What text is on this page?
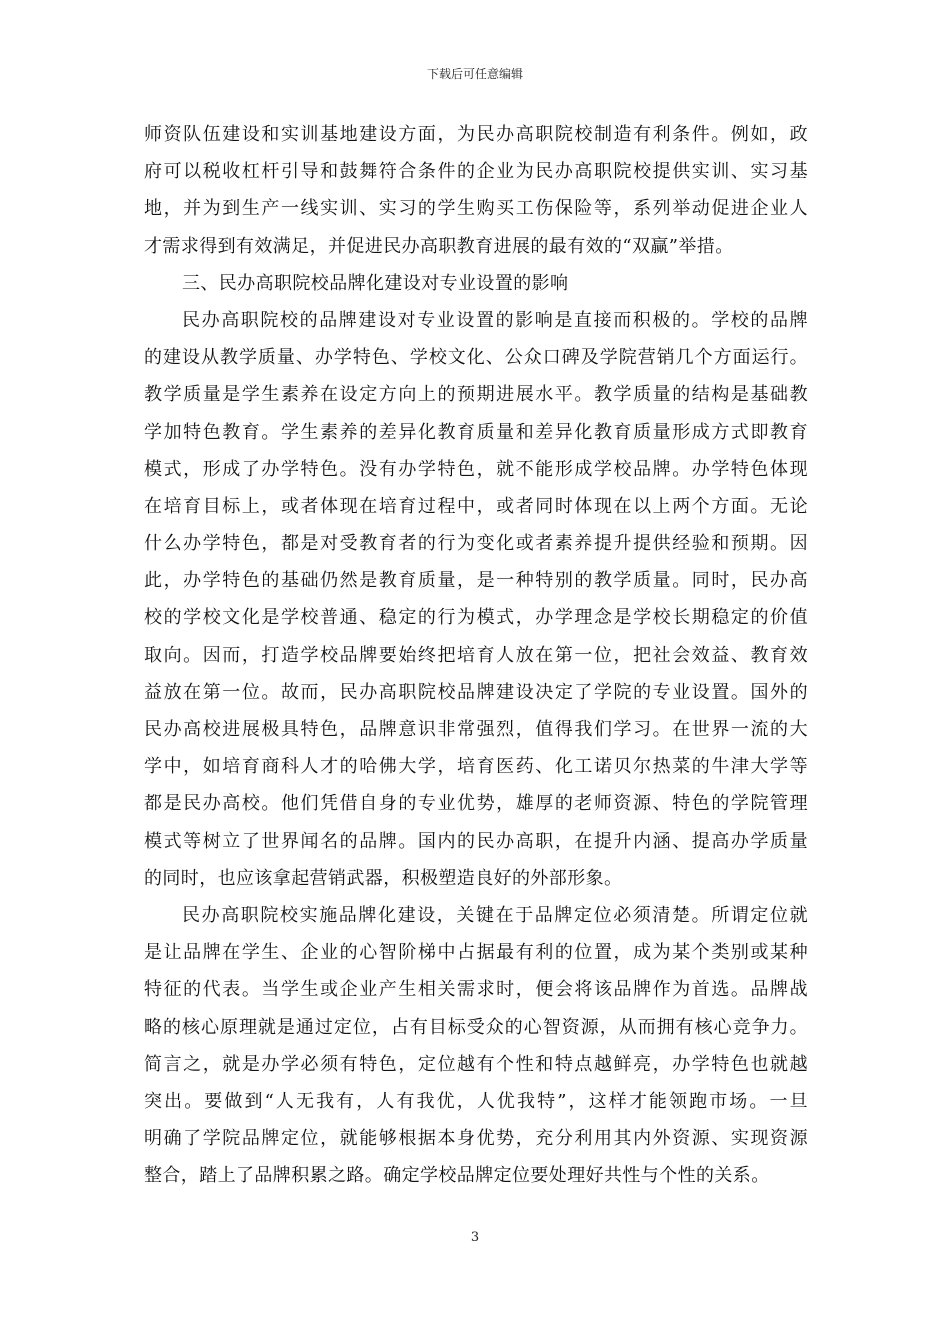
下载后可任意编辑
师资队伍建设和实训基地建设方面，为民办高职院校制造有利条件。例如，政
府可以税收杠杆引导和鼓舞符合条件的企业为民办高职院校提供实训、实习基
地，并为到生产一线实训、实习的学生购买工伤保险等，系列举动促进企业人
才需求得到有效满足，并促进民办高职教育进展的最有效的“双赢”举措。
三、民办高职院校品牌化建设对专业设置的影响
民办高职院校的品牌建设对专业设置的影响是直接而积极的。学校的品牌
的建设从教学质量、办学特色、学校文化、公众口碑及学院营销几个方面运行。
教学质量是学生素养在设定方向上的预期进展水平。教学质量的结构是基础教
学加特色教育。学生素养的差异化教育质量和差异化教育质量形成方式即教育
模式，形成了办学特色。没有办学特色，就不能形成学校品牌。办学特色体现
在培育目标上，或者体现在培育过程中，或者同时体现在以上两个方面。无论
什么办学特色，都是对受教育者的行为变化或者素养提升提供经验和预期。因
此，办学特色的基础仍然是教育质量，是一种特别的教学质量。同时，民办高
校的学校文化是学校普通、稳定的行为模式，办学理念是学校长期稳定的价值
取向。因而，打造学校品牌要始终把培育人放在第一位，把社会效益、教育效
益放在第一位。故而，民办高职院校品牌建设决定了学院的专业设置。国外的
民办高校进展极具特色，品牌意识非常强烈，值得我们学习。在世界一流的大
学中，如培育商科人才的哈佛大学，培育医药、化工诺贝尔热菜的牛津大学等
都是民办高校。他们凭借自身的专业优势，雄厚的老师资源、特色的学院管理
模式等树立了世界闻名的品牌。国内的民办高职，在提升内涵、提高办学质量
的同时，也应该拿起营销武器，积极塑造良好的外部形象。
民办高职院校实施品牌化建设，关键在于品牌定位必须清楚。所谓定位就
是让品牌在学生、企业的心智阶梯中占据最有利的位置，成为某个类别或某种
特征的代表。当学生或企业产生相关需求时，便会将该品牌作为首选。品牌战
略的核心原理就是通过定位，占有目标受众的心智资源，从而拥有核心竞争力。
简言之，就是办学必须有特色，定位越有个性和特点越鲜亮，办学特色也就越
突出。要做到“人无我有，人有我优，人优我特”，这样才能领跑市场。一旦
明确了学院品牌定位，就能够根据本身优势，充分利用其内外资源、实现资源
整合，踏上了品牌积累之路。确定学校品牌定位要处理好共性与个性的关系。
3
